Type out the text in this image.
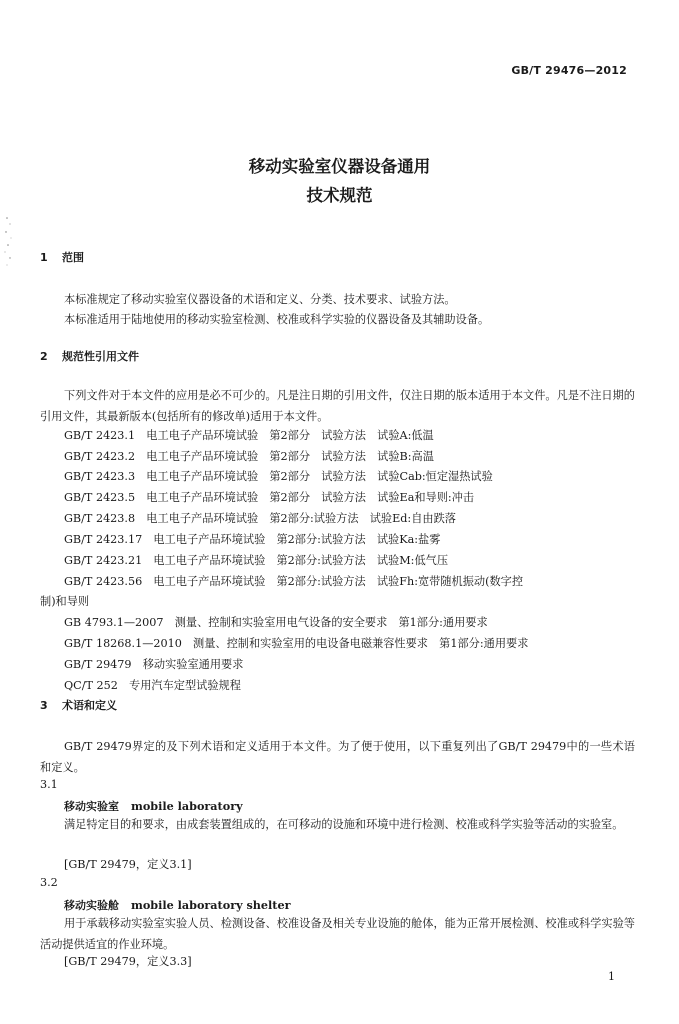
GB/T 29476—2012
移动实验室仪器设备通用
技术规范
1 范围
本标准规定了移动实验室仪器设备的术语和定义、分类、技术要求、试验方法。
本标准适用于陆地使用的移动实验室检测、校准或科学实验的仪器设备及其辅助设备。
2 规范性引用文件
下列文件对于本文件的应用是必不可少的。凡是注日期的引用文件，仅注日期的版本适用于本文件。凡是不注日期的引用文件，其最新版本(包括所有的修改单)适用于本文件。
GB/T 2423.1　电工电子产品环境试验　第2部分　试验方法　试验A:低温
GB/T 2423.2　电工电子产品环境试验　第2部分　试验方法　试验B:高温
GB/T 2423.3　电工电子产品环境试验　第2部分　试验方法　试验Cab:恒定湿热试验
GB/T 2423.5　电工电子产品环境试验　第2部分　试验方法　试验Ea和导则:冲击
GB/T 2423.8　电工电子产品环境试验　第2部分:试验方法　试验Ed:自由跌落
GB/T 2423.17　电工电子产品环境试验　第2部分:试验方法　试验Ka:盐雾
GB/T 2423.21　电工电子产品环境试验　第2部分:试验方法　试验M:低气压
GB/T 2423.56　电工电子产品环境试验　第2部分:试验方法　试验Fh:宽带随机振动(数字控
制)和导则
GB 4793.1—2007　测量、控制和实验室用电气设备的安全要求　第1部分:通用要求
GB/T 18268.1—2010　测量、控制和实验室用的电设备电磁兼容性要求　第1部分:通用要求
GB/T 29479　移动实验室通用要求
QC/T 252　专用汽车定型试验规程
3 术语和定义
GB/T 29479界定的及下列术语和定义适用于本文件。为了便于使用，以下重复列出了GB/T 29479中的一些术语和定义。
3.1
移动实验室 mobile laboratory
满足特定目的和要求，由成套装置组成的，在可移动的设施和环境中进行检测、校准或科学实验等活动的实验室。
[GB/T 29479，定义3.1]
3.2
移动实验舱 mobile laboratory shelter
用于承载移动实验室实验人员、检测设备、校准设备及相关专业设施的舱体，能为正常开展检测、校准或科学实验等活动提供适宜的作业环境。
[GB/T 29479，定义3.3]
1
